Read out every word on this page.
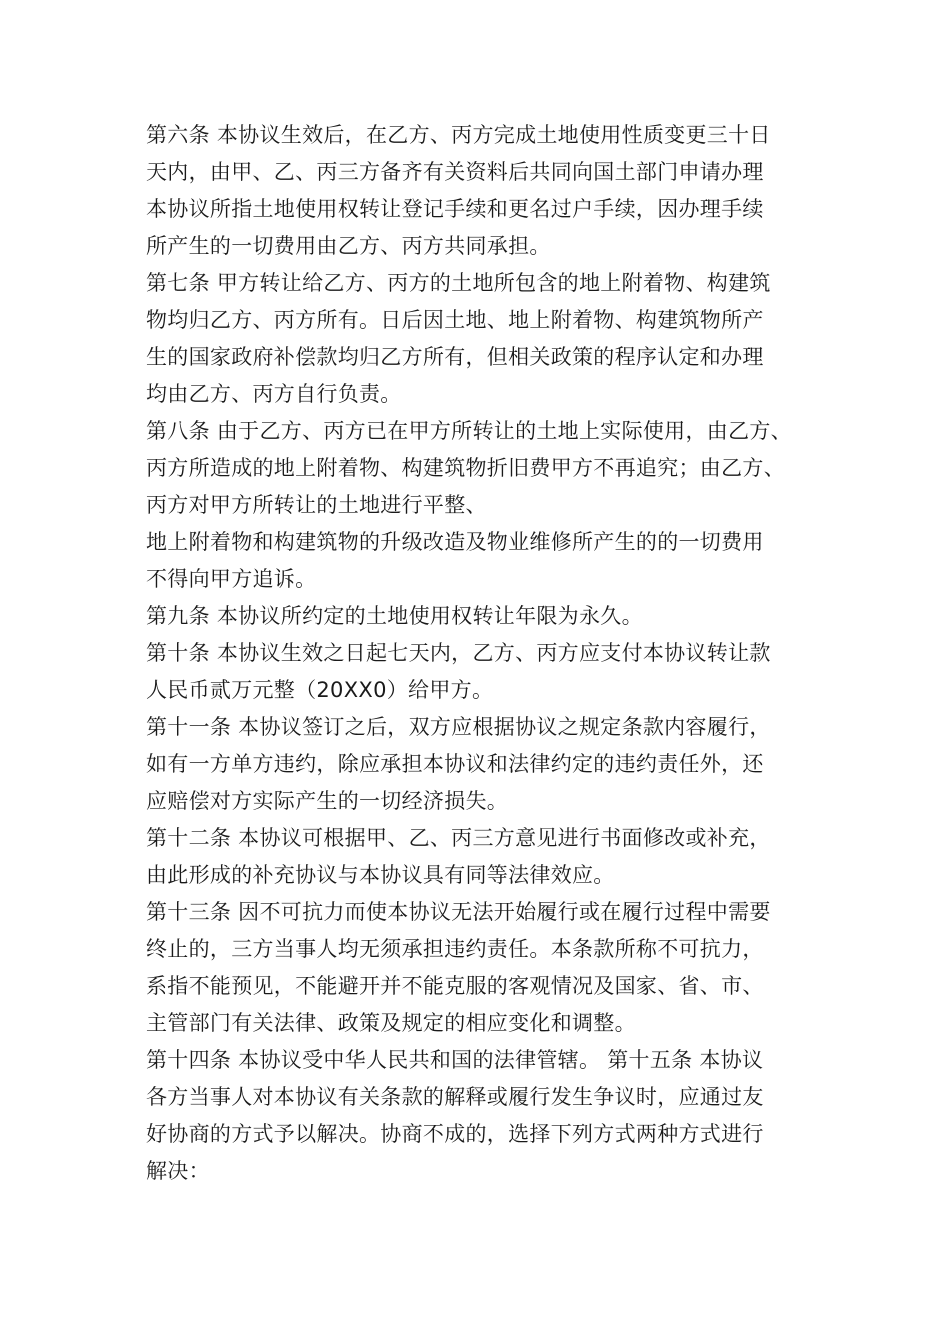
第六条 本协议生效后，在乙方、丙方完成土地使用性质变更三十日
天内，由甲、乙、丙三方备齐有关资料后共同向国土部门申请办理
本协议所指土地使用权转让登记手续和更名过户手续，因办理手续
所产生的一切费用由乙方、丙方共同承担。
第七条 甲方转让给乙方、丙方的土地所包含的地上附着物、构建筑
物均归乙方、丙方所有。日后因土地、地上附着物、构建筑物所产
生的国家政府补偿款均归乙方所有，但相关政策的程序认定和办理
均由乙方、丙方自行负责。
第八条 由于乙方、丙方已在甲方所转让的土地上实际使用，由乙方、
丙方所造成的地上附着物、构建筑物折旧费甲方不再追究；由乙方、
丙方对甲方所转让的土地进行平整、
地上附着物和构建筑物的升级改造及物业维修所产生的的一切费用
不得向甲方追诉。
第九条 本协议所约定的土地使用权转让年限为永久。
第十条 本协议生效之日起七天内，乙方、丙方应支付本协议转让款
人民币贰万元整（20XX0）给甲方。
第十一条 本协议签订之后，双方应根据协议之规定条款内容履行，
如有一方单方违约，除应承担本协议和法律约定的违约责任外，还
应赔偿对方实际产生的一切经济损失。
第十二条 本协议可根据甲、乙、丙三方意见进行书面修改或补充，
由此形成的补充协议与本协议具有同等法律效应。
第十三条 因不可抗力而使本协议无法开始履行或在履行过程中需要
终止的，三方当事人均无须承担违约责任。本条款所称不可抗力，
系指不能预见，不能避开并不能克服的客观情况及国家、省、市、
主管部门有关法律、政策及规定的相应变化和调整。
第十四条 本协议受中华人民共和国的法律管辖。 第十五条 本协议
各方当事人对本协议有关条款的解释或履行发生争议时，应通过友
好协商的方式予以解决。协商不成的，选择下列方式两种方式进行
解决：
